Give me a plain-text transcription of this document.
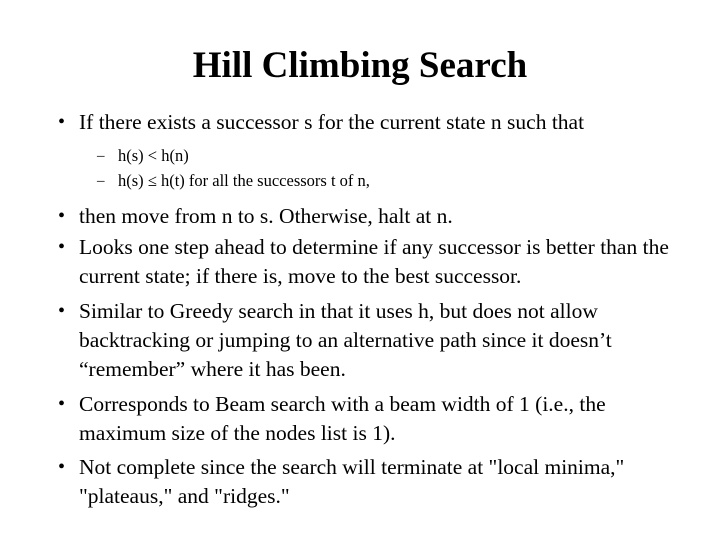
Hill Climbing Search
• If there exists a successor s for the current state n such that
– h(s) < h(n)
– h(s) ≤ h(t) for all the successors t of n,
• then move from n to s. Otherwise, halt at n.
• Looks one step ahead to determine if any successor is better than the current state; if there is, move to the best successor.
• Similar to Greedy search in that it uses h, but does not allow backtracking or jumping to an alternative path since it doesn’t “remember” where it has been.
• Corresponds to Beam search with a beam width of 1 (i.e., the maximum size of the nodes list is 1).
• Not complete since the search will terminate at "local minima," "plateaus," and "ridges."
